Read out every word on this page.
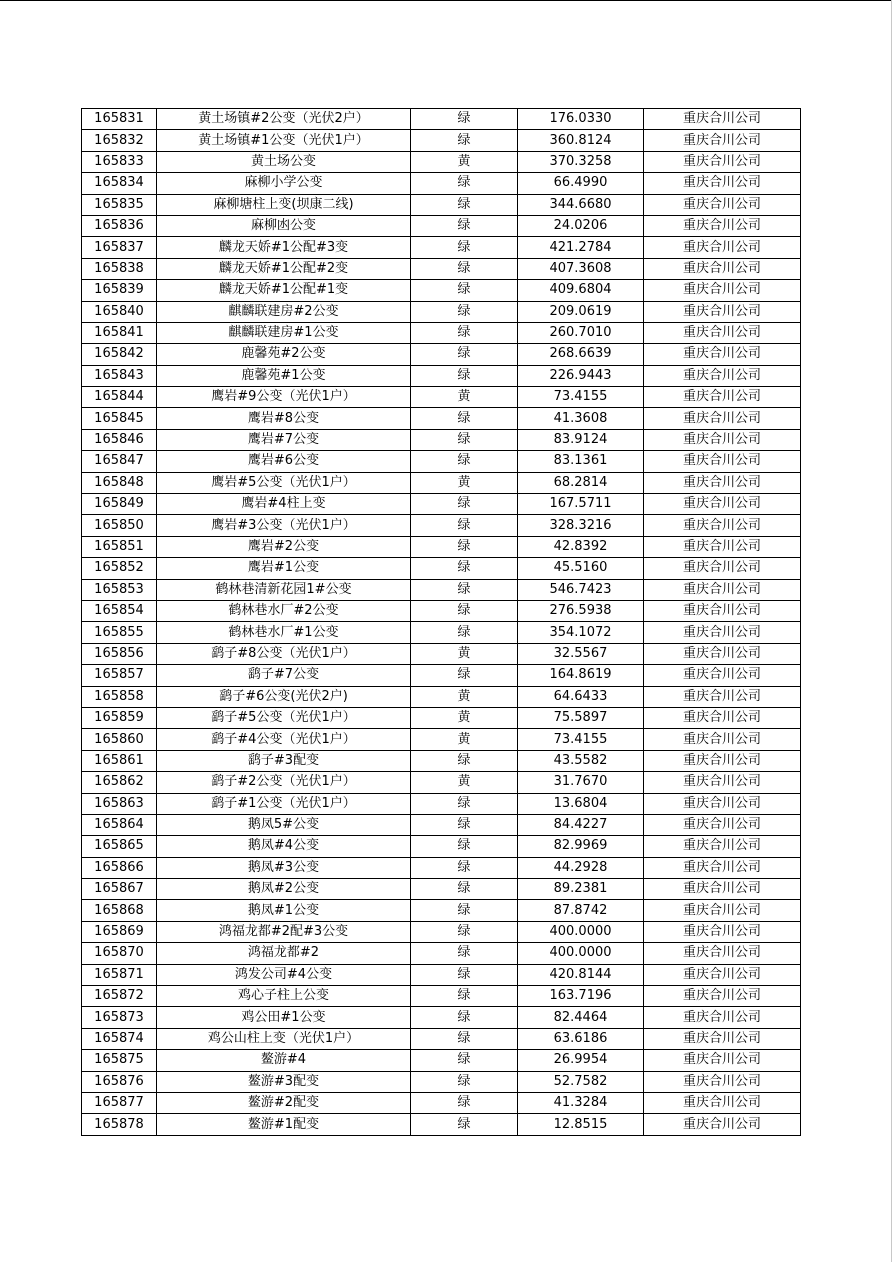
165831	黄土场镇#2公变（光伏2户）	绿	176.0330	重庆合川公司
165832	黄土场镇#1公变（光伏1户）	绿	360.8124	重庆合川公司
165833	黄土场公变	黄	370.3258	重庆合川公司
165834	麻柳小学公变	绿	66.4990	重庆合川公司
165835	麻柳塘柱上变(坝康二线)	绿	344.6680	重庆合川公司
165836	麻柳凼公变	绿	24.0206	重庆合川公司
165837	麟龙天娇#1公配#3变	绿	421.2784	重庆合川公司
165838	麟龙天娇#1公配#2变	绿	407.3608	重庆合川公司
165839	麟龙天娇#1公配#1变	绿	409.6804	重庆合川公司
165840	麒麟联建房#2公变	绿	209.0619	重庆合川公司
165841	麒麟联建房#1公变	绿	260.7010	重庆合川公司
165842	鹿馨苑#2公变	绿	268.6639	重庆合川公司
165843	鹿馨苑#1公变	绿	226.9443	重庆合川公司
165844	鹰岩#9公变（光伏1户）	黄	73.4155	重庆合川公司
165845	鹰岩#8公变	绿	41.3608	重庆合川公司
165846	鹰岩#7公变	绿	83.9124	重庆合川公司
165847	鹰岩#6公变	绿	83.1361	重庆合川公司
165848	鹰岩#5公变（光伏1户）	黄	68.2814	重庆合川公司
165849	鹰岩#4柱上变	绿	167.5711	重庆合川公司
165850	鹰岩#3公变（光伏1户）	绿	328.3216	重庆合川公司
165851	鹰岩#2公变	绿	42.8392	重庆合川公司
165852	鹰岩#1公变	绿	45.5160	重庆合川公司
165853	鹤林巷清新花园1#公变	绿	546.7423	重庆合川公司
165854	鹤林巷水厂#2公变	绿	276.5938	重庆合川公司
165855	鹤林巷水厂#1公变	绿	354.1072	重庆合川公司
165856	鹞子#8公变（光伏1户）	黄	32.5567	重庆合川公司
165857	鹞子#7公变	绿	164.8619	重庆合川公司
165858	鹞子#6公变(光伏2户)	黄	64.6433	重庆合川公司
165859	鹞子#5公变（光伏1户）	黄	75.5897	重庆合川公司
165860	鹞子#4公变（光伏1户）	黄	73.4155	重庆合川公司
165861	鹞子#3配变	绿	43.5582	重庆合川公司
165862	鹞子#2公变（光伏1户）	黄	31.7670	重庆合川公司
165863	鹞子#1公变（光伏1户）	绿	13.6804	重庆合川公司
165864	鹅凤5#公变	绿	84.4227	重庆合川公司
165865	鹅凤#4公变	绿	82.9969	重庆合川公司
165866	鹅凤#3公变	绿	44.2928	重庆合川公司
165867	鹅凤#2公变	绿	89.2381	重庆合川公司
165868	鹅凤#1公变	绿	87.8742	重庆合川公司
165869	鸿福龙都#2配#3公变	绿	400.0000	重庆合川公司
165870	鸿福龙都#2	绿	400.0000	重庆合川公司
165871	鸿发公司#4公变	绿	420.8144	重庆合川公司
165872	鸡心子柱上公变	绿	163.7196	重庆合川公司
165873	鸡公田#1公变	绿	82.4464	重庆合川公司
165874	鸡公山柱上变（光伏1户）	绿	63.6186	重庆合川公司
165875	鳌游#4	绿	26.9954	重庆合川公司
165876	鳌游#3配变	绿	52.7582	重庆合川公司
165877	鳌游#2配变	绿	41.3284	重庆合川公司
165878	鳌游#1配变	绿	12.8515	重庆合川公司
